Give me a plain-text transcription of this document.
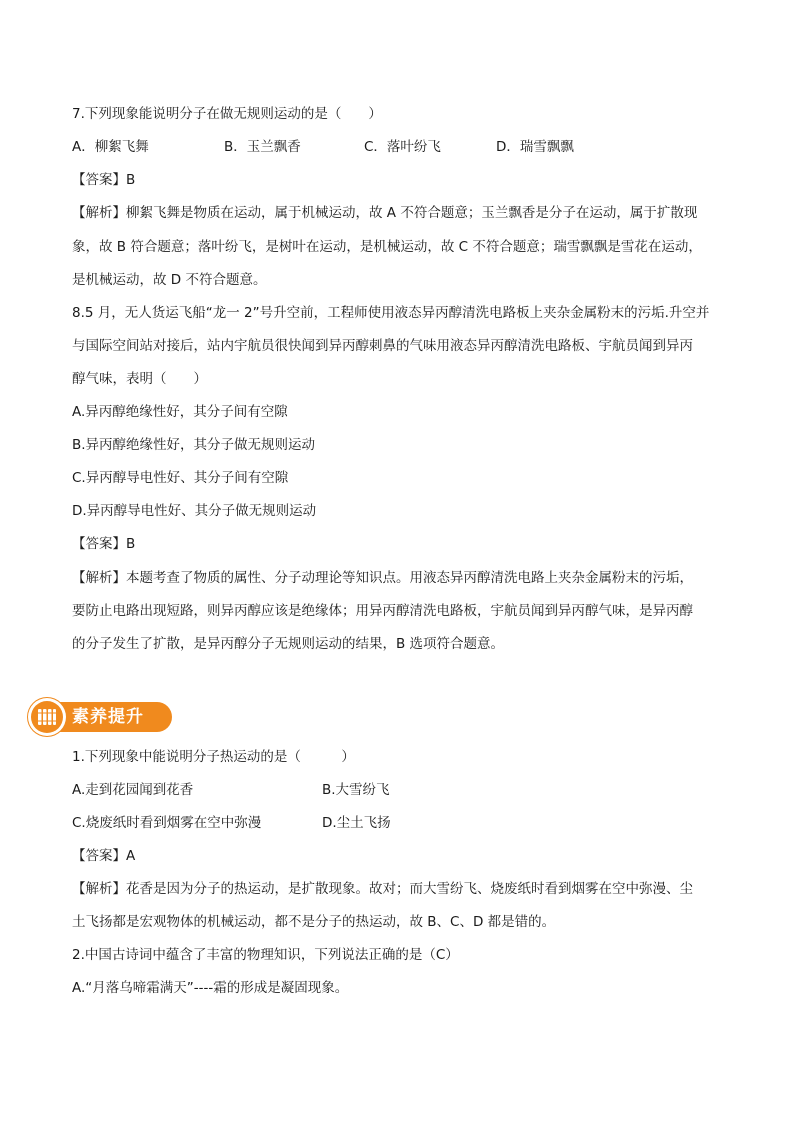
7.下列现象能说明分子在做无规则运动的是（　　）
A．柳絮飞舞	B．玉兰飘香	C．落叶纷飞	D．瑞雪飘飘
【答案】B
【解析】柳絮飞舞是物质在运动，属于机械运动，故 A 不符合题意；玉兰飘香是分子在运动，属于扩散现
象，故 B 符合题意；落叶纷飞，是树叶在运动，是机械运动，故 C 不符合题意；瑞雪飘飘是雪花在运动，
是机械运动，故 D 不符合题意。
8.5 月，无人货运飞船“龙一 2”号升空前，工程师使用液态异丙醇清洗电路板上夹杂金属粉末的污垢.升空并
与国际空间站对接后，站内宇航员很快闻到异丙醇刺鼻的气味用液态异丙醇清洗电路板、宇航员闻到异丙
醇气味，表明（　　）
A.异丙醇绝缘性好，其分子间有空隙
B.异丙醇绝缘性好，其分子做无规则运动
C.异丙醇导电性好、其分子间有空隙
D.异丙醇导电性好、其分子做无规则运动
【答案】B
【解析】本题考查了物质的属性、分子动理论等知识点。用液态异丙醇清洗电路上夹杂金属粉末的污垢，
要防止电路出现短路，则异丙醇应该是绝缘体；用异丙醇清洗电路板，宇航员闻到异丙醇气味，是异丙醇
的分子发生了扩散，是异丙醇分子无规则运动的结果，B 选项符合题意。
素养提升
1.下列现象中能说明分子热运动的是（　　　）
A.走到花园闻到花香	B.大雪纷飞
C.烧废纸时看到烟雾在空中弥漫	D.尘土飞扬
【答案】A
【解析】花香是因为分子的热运动，是扩散现象。故对；而大雪纷飞、烧废纸时看到烟雾在空中弥漫、尘
土飞扬都是宏观物体的机械运动，都不是分子的热运动，故 B、C、D 都是错的。
2.中国古诗词中蕴含了丰富的物理知识，下列说法正确的是（C）
A.“月落乌啼霜满天”----霜的形成是凝固现象。
